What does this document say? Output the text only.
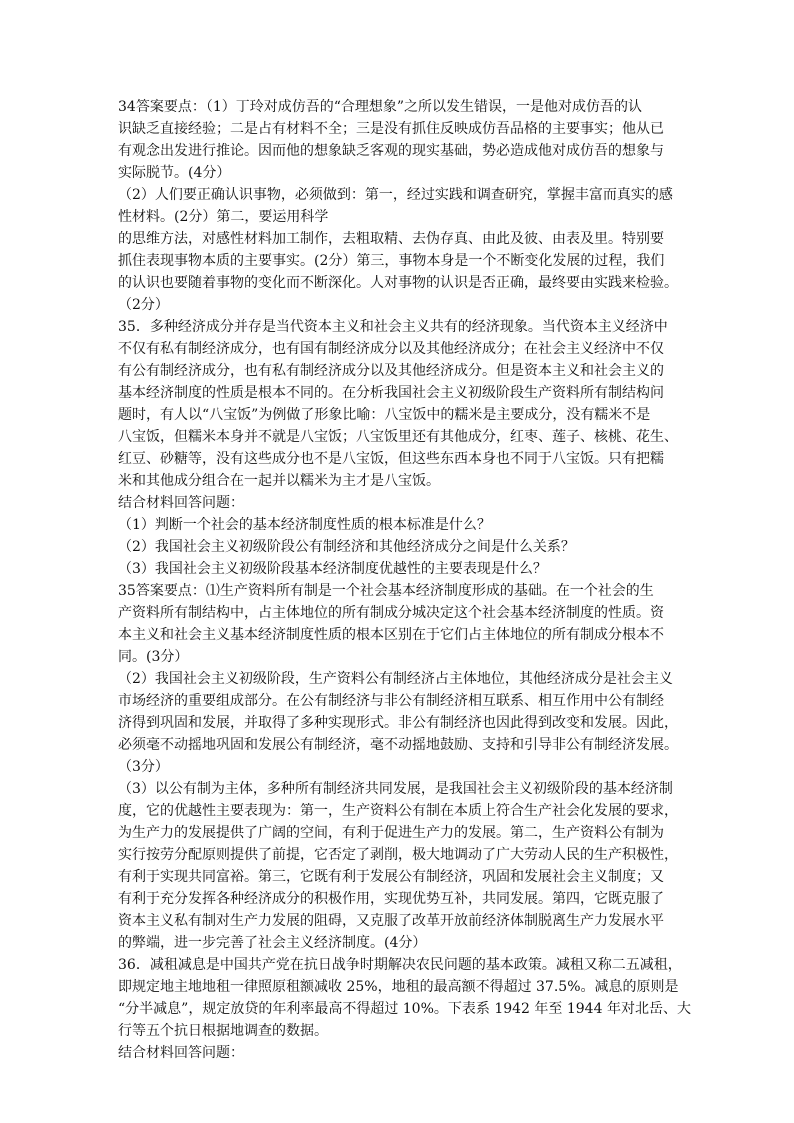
34答案要点：（1）丁玲对成仿吾的“合理想象”之所以发生错误，一是他对成仿吾的认
识缺乏直接经验；二是占有材料不全；三是没有抓住反映成仿吾品格的主要事实；他从已
有观念出发进行推论。因而他的想象缺乏客观的现实基础，势必造成他对成仿吾的想象与
实际脱节。(4分）
（2）人们要正确认识事物，必须做到：第一，经过实践和调查研究，掌握丰富而真实的感
性材料。(2分）第二，要运用科学
的思维方法，对感性材料加工制作，去粗取精、去伪存真、由此及彼、由表及里。特别要
抓住表现事物本质的主要事实。(2分）第三，事物本身是一个不断变化发展的过程，我们
的认识也要随着事物的变化而不断深化。人对事物的认识是否正确，最终要由实践来检验。
（2分）
35．多种经济成分并存是当代资本主义和社会主义共有的经济现象。当代资本主义经济中
不仅有私有制经济成分，也有国有制经济成分以及其他经济成分；在社会主义经济中不仅
有公有制经济成分，也有私有制经济成分以及其他经济成分。但是资本主义和社会主义的
基本经济制度的性质是根本不同的。在分析我国社会主义初级阶段生产资料所有制结构问
题时，有人以“八宝饭”为例做了形象比喻：八宝饭中的糯米是主要成分，没有糯米不是
八宝饭，但糯米本身并不就是八宝饭；八宝饭里还有其他成分，红枣、莲子、核桃、花生、
红豆、砂糖等，没有这些成分也不是八宝饭，但这些东西本身也不同于八宝饭。只有把糯
米和其他成分组合在一起并以糯米为主才是八宝饭。
结合材料回答问题：
（1）判断一个社会的基本经济制度性质的根本标准是什么？
（2）我国社会主义初级阶段公有制经济和其他经济成分之间是什么关系？
（3）我国社会主义初级阶段基本经济制度优越性的主要表现是什么？
35答案要点：⑴生产资料所有制是一个社会基本经济制度形成的基础。在一个社会的生
产资料所有制结构中，占主体地位的所有制成分城决定这个社会基本经济制度的性质。资
本主义和社会主义基本经济制度性质的根本区别在于它们占主体地位的所有制成分根本不
同。(3分）
（2）我国社会主义初级阶段，生产资料公有制经济占主体地位，其他经济成分是社会主义
市场经济的重要组成部分。在公有制经济与非公有制经济相互联系、相互作用中公有制经
济得到巩固和发展，并取得了多种实现形式。非公有制经济也因此得到改变和发展。因此，
必须毫不动摇地巩固和发展公有制经济，毫不动摇地鼓励、支持和引导非公有制经济发展。
（3分）
（3）以公有制为主体，多种所有制经济共同发展，是我国社会主义初级阶段的基本经济制
度，它的优越性主要表现为：第一，生产资料公有制在本质上符合生产社会化发展的要求，
为生产力的发展提供了广阔的空间，有利于促进生产力的发展。第二，生产资料公有制为
实行按劳分配原则提供了前提，它否定了剥削，极大地调动了广大劳动人民的生产积极性，
有利于实现共同富裕。第三，它既有利于发展公有制经济，巩固和发展社会主义制度；又
有利于充分发挥各种经济成分的积极作用，实现优势互补，共同发展。第四，它既克服了
资本主义私有制对生产力发展的阻碍，又克服了改革开放前经济体制脱离生产力发展水平
的弊端，进一步完善了社会主义经济制度。(4分）
36．减租减息是中国共产党在抗日战争时期解决农民问题的基本政策。减租又称二五减租，
即规定地主地地租一律照原租额减收 25%，地租的最高额不得超过 37.5%。减息的原则是
“分半减息”，规定放贷的年利率最高不得超过 10%。下表系 1942 年至 1944 年对北岳、大
行等五个抗日根据地调查的数据。
结合材料回答问题：
